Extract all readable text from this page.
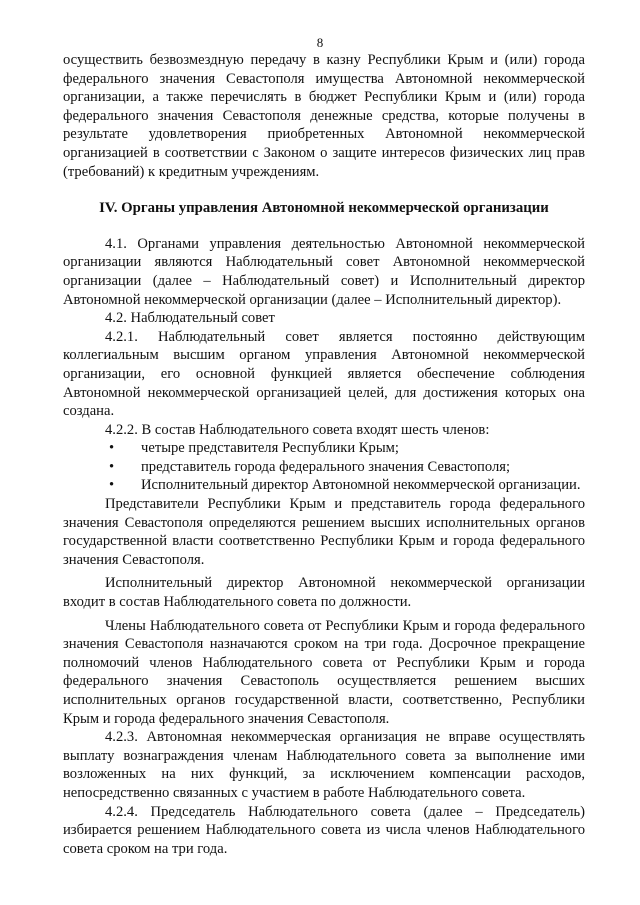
8

осуществить безвозмездную передачу в казну Республики Крым и (или) города федерального значения Севастополя имущества Автономной некоммерческой организации, а также перечислять в бюджет Республики Крым и (или) города федерального значения Севастополя денежные средства, которые получены в результате удовлетворения приобретенных Автономной некоммерческой организацией в соответствии с Законом о защите интересов физических лиц прав (требований) к кредитным учреждениям.

IV. Органы управления Автономной некоммерческой организации

4.1. Органами управления деятельностью Автономной некоммерческой организации являются Наблюдательный совет Автономной некоммерческой организации (далее – Наблюдательный совет) и Исполнительный директор Автономной некоммерческой организации (далее – Исполнительный директор).

4.2. Наблюдательный совет

4.2.1. Наблюдательный совет является постоянно действующим коллегиальным высшим органом управления Автономной некоммерческой организации, его основной функцией является обеспечение соблюдения Автономной некоммерческой организацией целей, для достижения которых она создана.

4.2.2. В состав Наблюдательного совета входят шесть членов:

• четыре представителя Республики Крым;
• представитель города федерального значения Севастополя;
• Исполнительный директор Автономной некоммерческой организации.

Представители Республики Крым и представитель города федерального значения Севастополя определяются решением высших исполнительных органов государственной власти соответственно Республики Крым и города федерального значения Севастополя.

Исполнительный директор Автономной некоммерческой организации входит в состав Наблюдательного совета по должности.

Члены Наблюдательного совета от Республики Крым и города федерального значения Севастополя назначаются сроком на три года. Досрочное прекращение полномочий членов Наблюдательного совета от Республики Крым и города федерального значения Севастополь осуществляется решением высших исполнительных органов государственной власти, соответственно, Республики Крым и города федерального значения Севастополя.

4.2.3. Автономная некоммерческая организация не вправе осуществлять выплату вознаграждения членам Наблюдательного совета за выполнение ими возложенных на них функций, за исключением компенсации расходов, непосредственно связанных с участием в работе Наблюдательного совета.

4.2.4. Председатель Наблюдательного совета (далее – Председатель) избирается решением Наблюдательного совета из числа членов Наблюдательного совета сроком на три года.
